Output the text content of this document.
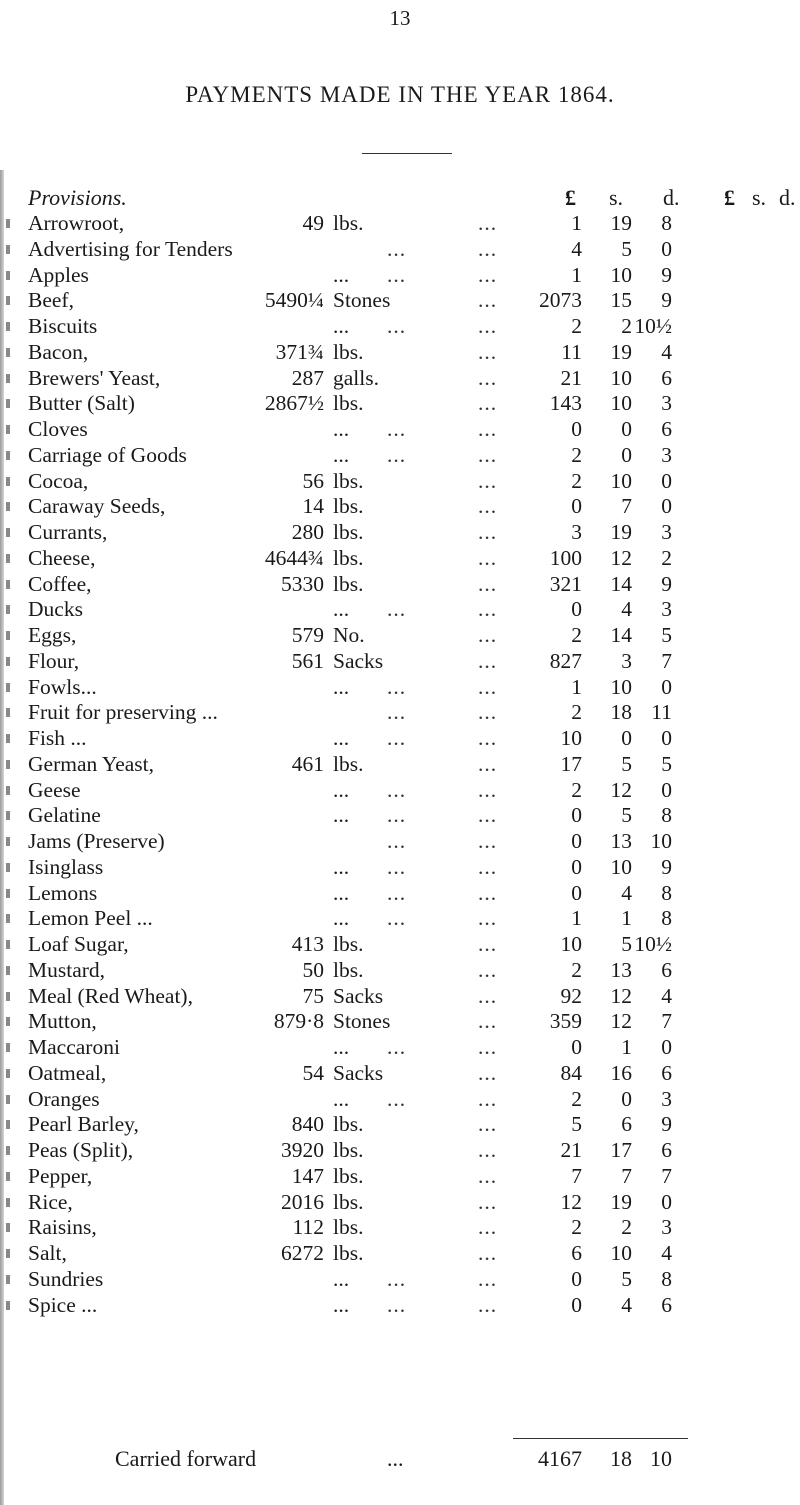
13
PAYMENTS MADE IN THE YEAR 1864.
Provisions.	£ s. d. £ s. d.
Arrowroot,	49 lbs.	...	1 19 8
Advertising for Tenders	...	...	4 5 0
Apples	... ...	...	1 10 9
Beef,	5490¼ Stones	... 2073 15 9
Biscuits	... ...	...	2 2 10½
Bacon,	371¾ lbs.	...	11 19 4
Brewers' Yeast,	287 galls.	...	21 10 6
Butter (Salt)	2867½ lbs.	... 143 10 3
Cloves	... ...	...	0 0 6
Carriage of Goods	... ...	...	2 0 3
Cocoa,	56 lbs.	...	2 10 0
Caraway Seeds,	14 lbs.	...	0 7 0
Currants,	280 lbs.	...	3 19 3
Cheese,	4644¾ lbs.	... 100 12 2
Coffee,	5330 lbs.	... 321 14 9
Ducks	... ...	...	0 4 3
Eggs,	579 No.	...	2 14 5
Flour,	561 Sacks	... 827 3 7
Fowls...	... ...	...	1 10 0
Fruit for preserving ...	...	...	2 18 11
Fish ...	... ...	...	10 0 0
German Yeast,	461 lbs.	...	17 5 5
Geese	... ...	...	2 12 0
Gelatine	... ...	...	0 5 8
Jams (Preserve)	...	...	0 13 10
Isinglass	... ...	...	0 10 9
Lemons	... ...	...	0 4 8
Lemon Peel ...	... ...	...	1 1 8
Loaf Sugar,	413 lbs.	...	10 5 10½
Mustard,	50 lbs.	...	2 13 6
Meal (Red Wheat),	75 Sacks	...	92 12 4
Mutton,	879·8 Stones	... 359 12 7
Maccaroni	... ...	...	0 1 0
Oatmeal,	54 Sacks	...	84 16 6
Oranges	... ...	...	2 0 3
Pearl Barley,	840 lbs.	...	5 6 9
Peas (Split),	3920 lbs.	...	21 17 6
Pepper,	147 lbs.	...	7 7 7
Rice,	2016 lbs.	...	12 19 0
Raisins,	112 lbs.	...	2 2 3
Salt,	6272 lbs.	...	6 10 4
Sundries	... ...	...	0 5 8
Spice ...	... ...	...	0 4 6
Carried forward	...	4167 18 10
